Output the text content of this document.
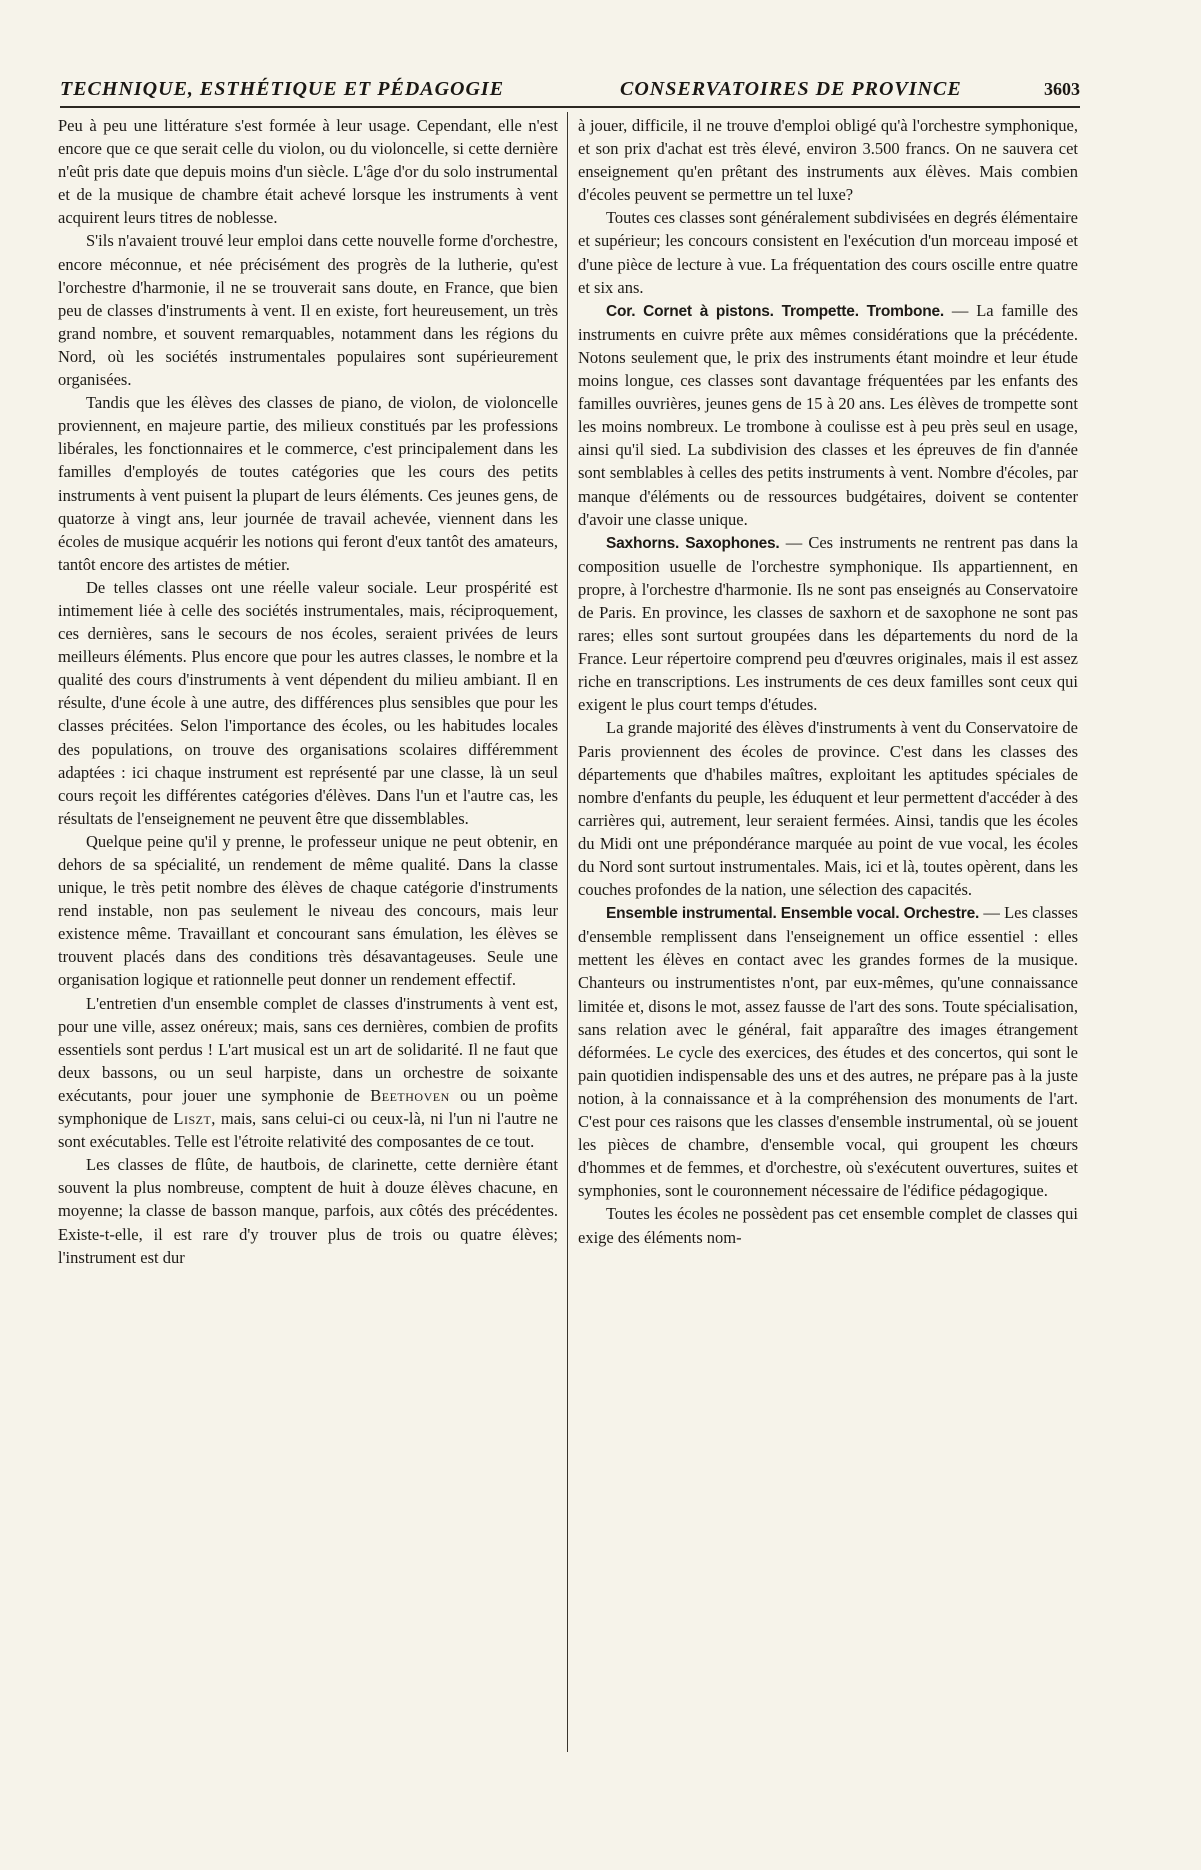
TECHNIQUE, ESTHÉTIQUE ET PÉDAGOGIE	CONSERVATOIRES DE PROVINCE	3603

Peu à peu une littérature s'est formée à leur usage. Cependant, elle n'est encore que ce que serait celle du violon, ou du violoncelle, si cette dernière n'eût pris date que depuis moins d'un siècle. L'âge d'or du solo instrumental et de la musique de chambre était achevé lorsque les instruments à vent acquirent leurs titres de noblesse.

S'ils n'avaient trouvé leur emploi dans cette nouvelle forme d'orchestre, encore méconnue, et née précisément des progrès de la lutherie, qu'est l'orchestre d'harmonie, il ne se trouverait sans doute, en France, que bien peu de classes d'instruments à vent. Il en existe, fort heureusement, un très grand nombre, et souvent remarquables, notamment dans les régions du Nord, où les sociétés instrumentales populaires sont supérieurement organisées.

Tandis que les élèves des classes de piano, de violon, de violoncelle proviennent, en majeure partie, des milieux constitués par les professions libérales, les fonctionnaires et le commerce, c'est principalement dans les familles d'employés de toutes catégories que les cours des petits instruments à vent puisent la plupart de leurs éléments. Ces jeunes gens, de quatorze à vingt ans, leur journée de travail achevée, viennent dans les écoles de musique acquérir les notions qui feront d'eux tantôt des amateurs, tantôt encore des artistes de métier.

De telles classes ont une réelle valeur sociale. Leur prospérité est intimement liée à celle des sociétés instrumentales, mais, réciproquement, ces dernières, sans le secours de nos écoles, seraient privées de leurs meilleurs éléments. Plus encore que pour les autres classes, le nombre et la qualité des cours d'instruments à vent dépendent du milieu ambiant. Il en résulte, d'une école à une autre, des différences plus sensibles que pour les classes précitées. Selon l'importance des écoles, ou les habitudes locales des populations, on trouve des organisations scolaires différemment adaptées : ici chaque instrument est représenté par une classe, là un seul cours reçoit les différentes catégories d'élèves. Dans l'un et l'autre cas, les résultats de l'enseignement ne peuvent être que dissemblables.

Quelque peine qu'il y prenne, le professeur unique ne peut obtenir, en dehors de sa spécialité, un rendement de même qualité. Dans la classe unique, le très petit nombre des élèves de chaque catégorie d'instruments rend instable, non pas seulement le niveau des concours, mais leur existence même. Travaillant et concourant sans émulation, les élèves se trouvent placés dans des conditions très désavantageuses. Seule une organisation logique et rationnelle peut donner un rendement effectif.

L'entretien d'un ensemble complet de classes d'instruments à vent est, pour une ville, assez onéreux; mais, sans ces dernières, combien de profits essentiels sont perdus ! L'art musical est un art de solidarité. Il ne faut que deux bassons, ou un seul harpiste, dans un orchestre de soixante exécutants, pour jouer une symphonie de Beethoven ou un poème symphonique de Liszt, mais, sans celui-ci ou ceux-là, ni l'un ni l'autre ne sont exécutables. Telle est l'étroite relativité des composantes de ce tout.

Les classes de flûte, de hautbois, de clarinette, cette dernière étant souvent la plus nombreuse, comptent de huit à douze élèves chacune, en moyenne; la classe de basson manque, parfois, aux côtés des précédentes. Existe-t-elle, il est rare d'y trouver plus de trois ou quatre élèves; l'instrument est dur

à jouer, difficile, il ne trouve d'emploi obligé qu'à l'orchestre symphonique, et son prix d'achat est très élevé, environ 3.500 francs. On ne sauvera cet enseignement qu'en prêtant des instruments aux élèves. Mais combien d'écoles peuvent se permettre un tel luxe?

Toutes ces classes sont généralement subdivisées en degrés élémentaire et supérieur; les concours consistent en l'exécution d'un morceau imposé et d'une pièce de lecture à vue. La fréquentation des cours oscille entre quatre et six ans.

Cor. Cornet à pistons. Trompette. Trombone. — La famille des instruments en cuivre prête aux mêmes considérations que la précédente. Notons seulement que, le prix des instruments étant moindre et leur étude moins longue, ces classes sont davantage fréquentées par les enfants des familles ouvrières, jeunes gens de 15 à 20 ans. Les élèves de trompette sont les moins nombreux. Le trombone à coulisse est à peu près seul en usage, ainsi qu'il sied. La subdivision des classes et les épreuves de fin d'année sont semblables à celles des petits instruments à vent. Nombre d'écoles, par manque d'éléments ou de ressources budgétaires, doivent se contenter d'avoir une classe unique.

Saxhorns. Saxophones. — Ces instruments ne rentrent pas dans la composition usuelle de l'orchestre symphonique. Ils appartiennent, en propre, à l'orchestre d'harmonie. Ils ne sont pas enseignés au Conservatoire de Paris. En province, les classes de saxhorn et de saxophone ne sont pas rares; elles sont surtout groupées dans les départements du nord de la France. Leur répertoire comprend peu d'œuvres originales, mais il est assez riche en transcriptions. Les instruments de ces deux familles sont ceux qui exigent le plus court temps d'études.

La grande majorité des élèves d'instruments à vent du Conservatoire de Paris proviennent des écoles de province. C'est dans les classes des départements que d'habiles maîtres, exploitant les aptitudes spéciales de nombre d'enfants du peuple, les éduquent et leur permettent d'accéder à des carrières qui, autrement, leur seraient fermées. Ainsi, tandis que les écoles du Midi ont une prépondérance marquée au point de vue vocal, les écoles du Nord sont surtout instrumentales. Mais, ici et là, toutes opèrent, dans les couches profondes de la nation, une sélection des capacités.

Ensemble instrumental. Ensemble vocal. Orchestre. — Les classes d'ensemble remplissent dans l'enseignement un office essentiel : elles mettent les élèves en contact avec les grandes formes de la musique. Chanteurs ou instrumentistes n'ont, par eux-mêmes, qu'une connaissance limitée et, disons le mot, assez fausse de l'art des sons. Toute spécialisation, sans relation avec le général, fait apparaître des images étrangement déformées. Le cycle des exercices, des études et des concertos, qui sont le pain quotidien indispensable des uns et des autres, ne prépare pas à la juste notion, à la connaissance et à la compréhension des monuments de l'art. C'est pour ces raisons que les classes d'ensemble instrumental, où se jouent les pièces de chambre, d'ensemble vocal, qui groupent les chœurs d'hommes et de femmes, et d'orchestre, où s'exécutent ouvertures, suites et symphonies, sont le couronnement nécessaire de l'édifice pédagogique.

Toutes les écoles ne possèdent pas cet ensemble complet de classes qui exige des éléments nom-
